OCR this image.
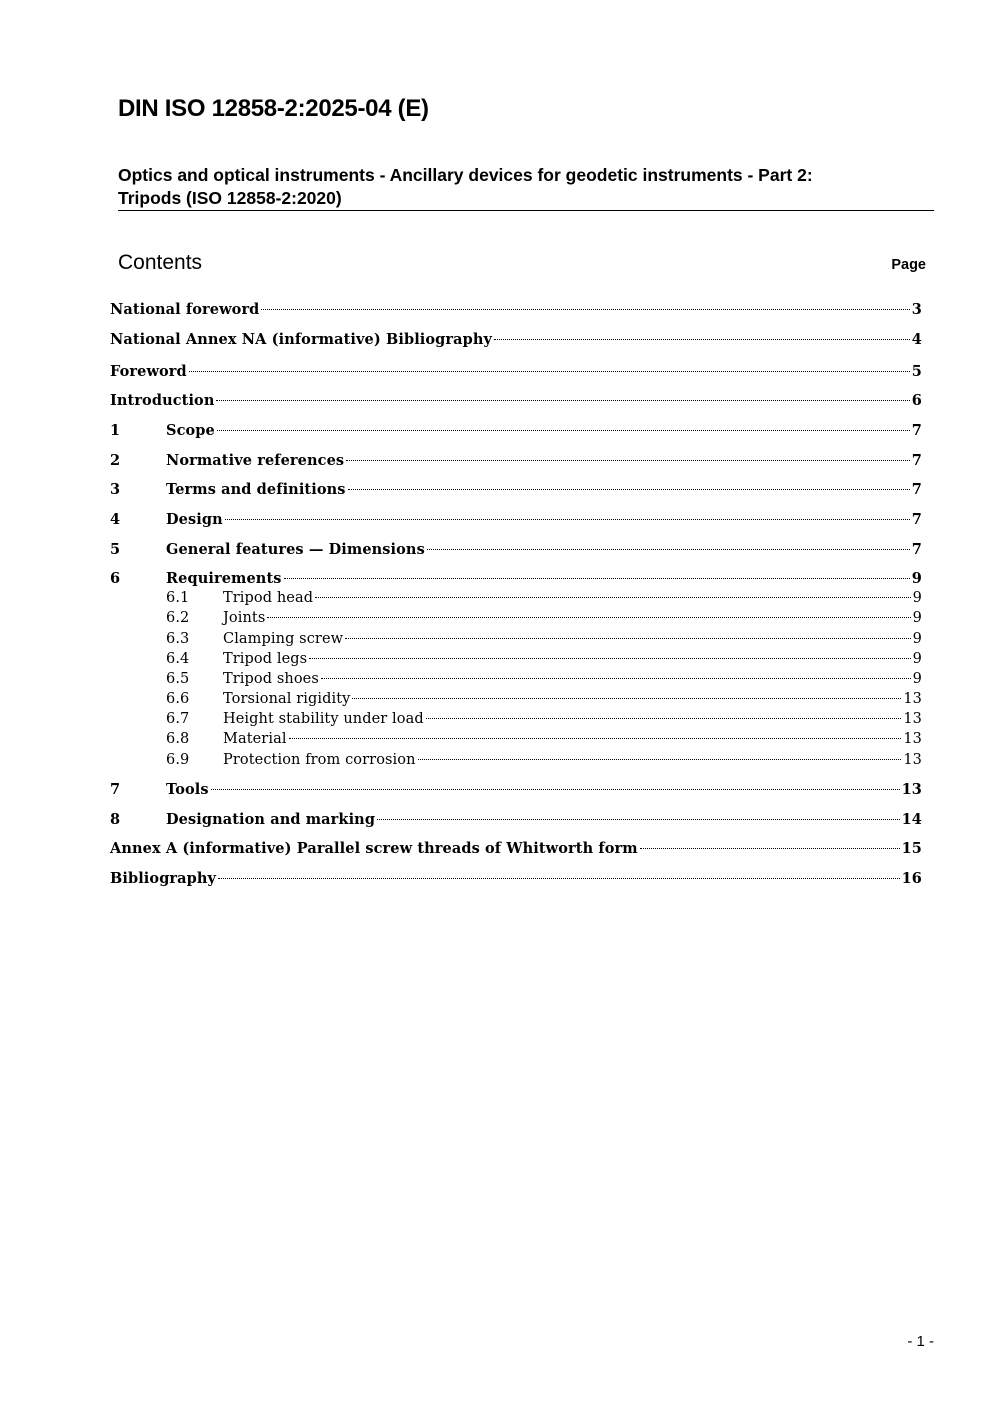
DIN ISO 12858-2:2025-04 (E)
Optics and optical instruments - Ancillary devices for geodetic instruments - Part 2:
Tripods (ISO 12858-2:2020)
Contents	Page
National foreword	3
National Annex NA (informative) Bibliography	4
Foreword	5
Introduction	6
1	Scope	7
2	Normative references	7
3	Terms and definitions	7
4	Design	7
5	General features — Dimensions	7
6	Requirements	9
6.1	Tripod head	9
6.2	Joints	9
6.3	Clamping screw	9
6.4	Tripod legs	9
6.5	Tripod shoes	9
6.6	Torsional rigidity	13
6.7	Height stability under load	13
6.8	Material	13
6.9	Protection from corrosion	13
7	Tools	13
8	Designation and marking	14
Annex A (informative) Parallel screw threads of Whitworth form	15
Bibliography	16
- 1 -
